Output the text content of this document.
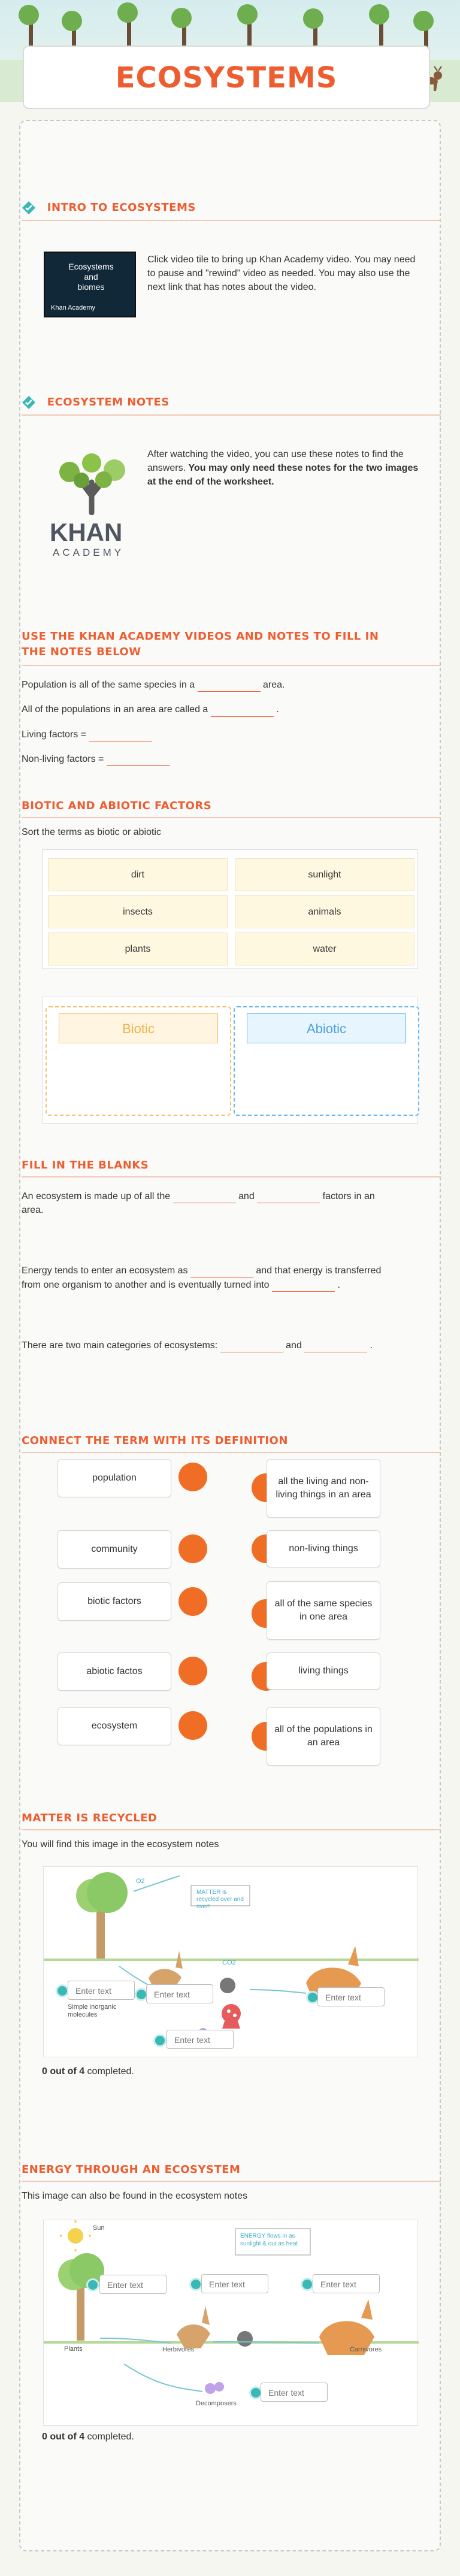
ECOSYSTEMS
INTRO TO ECOSYSTEMS
Ecosystems
and
biomes
Khan Academy
Click video tile to bring up Khan Academy video. You may need to pause and "rewind" video as needed. You may also use the next link that has notes about the video.
ECOSYSTEM NOTES
KHAN
ACADEMY
After watching the video, you can use these notes to find the answers. You may only need these notes for the two images at the end of the worksheet.
USE THE KHAN ACADEMY VIDEOS AND NOTES TO FILL IN THE NOTES BELOW
Population is all of the same species in a	area.
All of the populations in an area are called a	.
Living factors =
Non-living factors =
BIOTIC AND ABIOTIC FACTORS
Sort the terms as biotic or abiotic
dirt	sunlight
insects	animals
plants	water
Biotic	Abiotic
FILL IN THE BLANKS
An ecosystem is made up of all the	and	factors in an area.
Energy tends to enter an ecosystem as	and that energy is transferred from one organism to another and is eventually turned into	.
There are two main categories of ecosystems:	and	.
CONNECT THE TERM WITH ITS DEFINITION
population
community
biotic factors
abiotic factos
ecosystem
all the living and non-living things in an area
non-living things
all of the same species in one area
living things
all of the populations in an area
MATTER IS RECYCLED
You will find this image in the ecosystem notes
MATTER is recycled over and over!
O2
CO2
Simple inorganic molecules
Enter text	Enter text	Enter text
Enter text
0 out of 4 completed.
ENERGY THROUGH AN ECOSYSTEM
This image can also be found in the ecosystem notes
ENERGY flows in as sunlight & out as heat
Sun
Plants	Herbivores	Carnivores
Decomposers
Enter text	Enter text	Enter text
Enter text
0 out of 4 completed.
